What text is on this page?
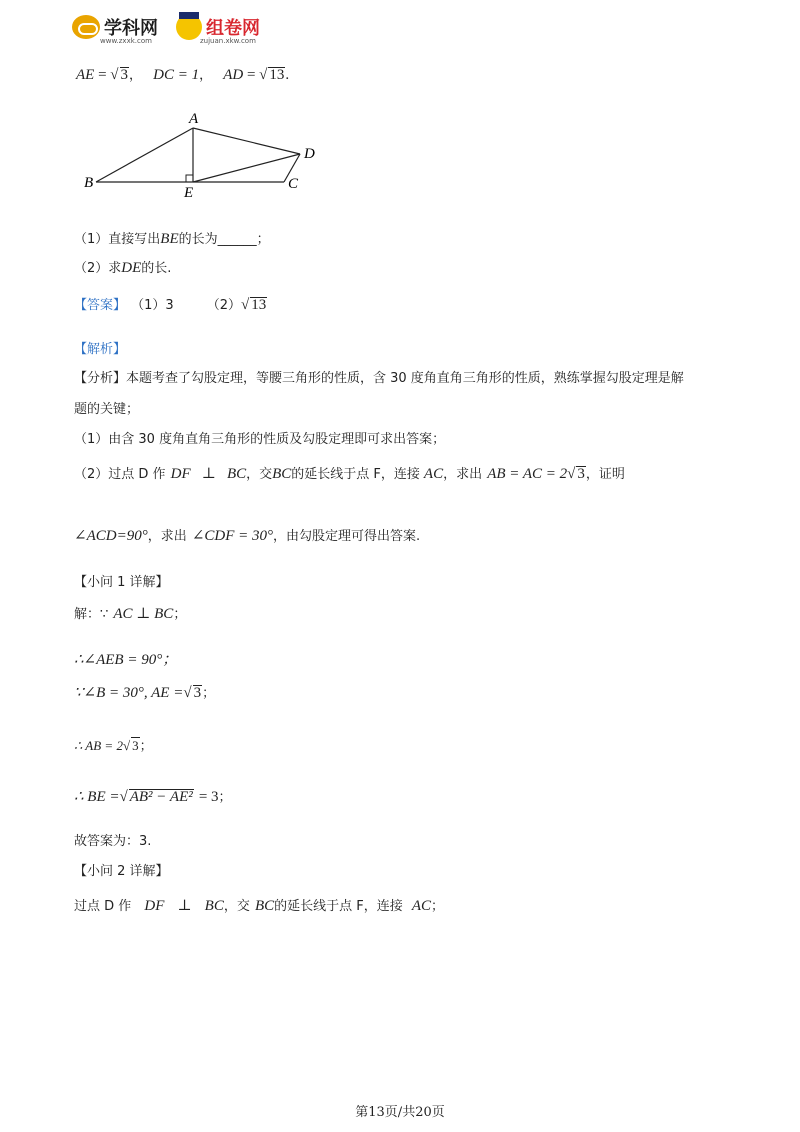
学科网	组卷网
www.zxxk.com	zujuan.xkw.com
AE = √ 3， DC = 1， AD = √ 13.
A
B	C
D
E
（1）直接写出BE的长为______；
（2）求DE的长.
【答案】 （1）3	（2）√ 13
【解析】
【分析】本题考查了勾股定理，等腰三角形的性质，含 30 度角直角三角形的性质，熟练掌握勾股定理是解
题的关键；
（1）由含 30 度角直角三角形的性质及勾股定理即可求出答案；
（2）过点 D 作 DF ⊥ BC，交BC的延长线于点 F，连接 AC，求出 AB = AC = 2√ 3，证明
∠ACD=90°，求出 ∠CDF = 30°，由勾股定理可得出答案.
【小问 1 详解】
解：∵ AC ⊥ BC；
∴∠AEB = 90°；
∵∠B = 30°, AE =√ 3；
∴ AB = 2√ 3；
∴ BE =√ AB² − AE² = 3；
故答案为：3.
【小问 2 详解】
过点 D 作 DF ⊥ BC，交 BC的延长线于点 F，连接 AC；
第13页/共20页
